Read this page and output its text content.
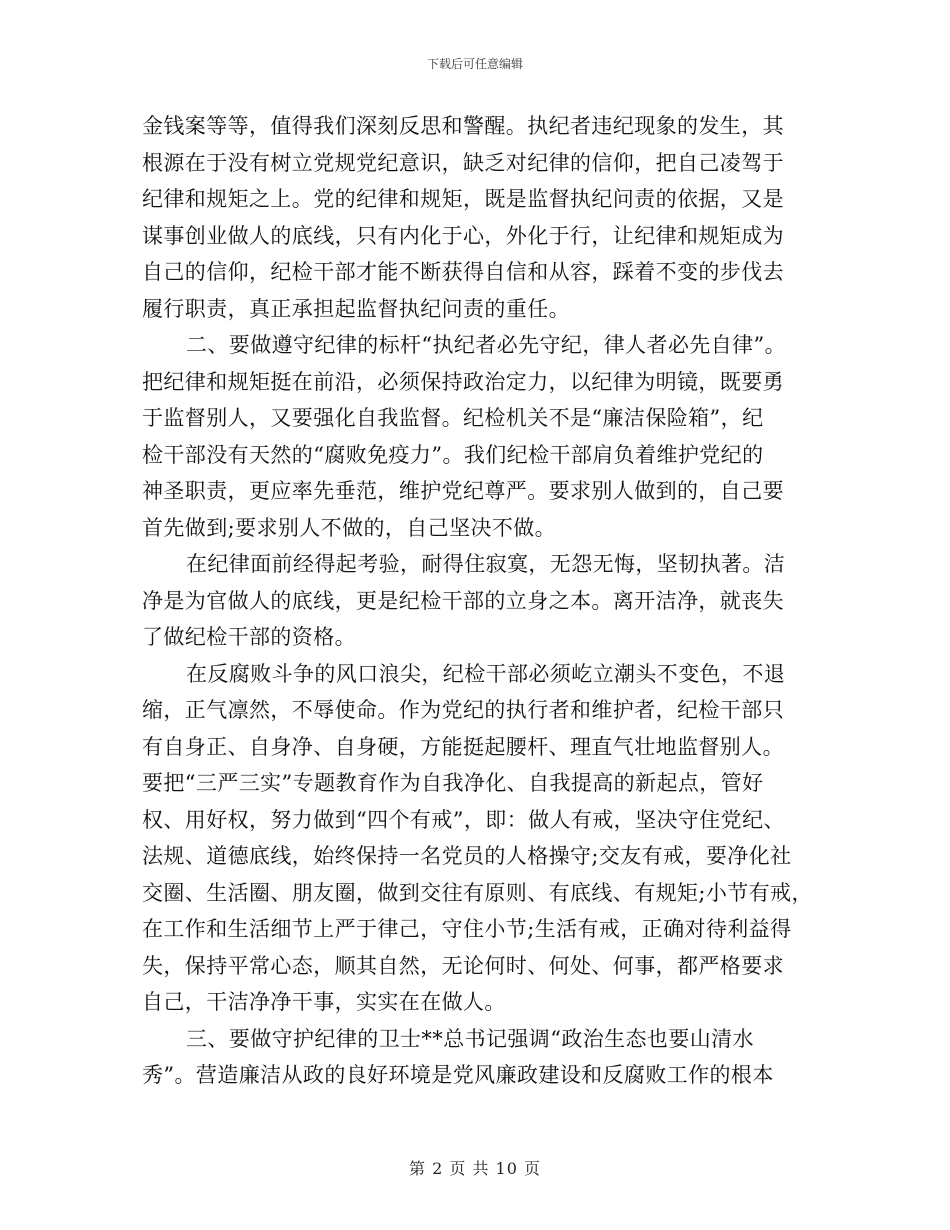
下载后可任意编辑
金钱案等等，值得我们深刻反思和警醒。执纪者违纪现象的发生，其
根源在于没有树立党规党纪意识，缺乏对纪律的信仰，把自己凌驾于
纪律和规矩之上。党的纪律和规矩，既是监督执纪问责的依据，又是
谋事创业做人的底线，只有内化于心，外化于行，让纪律和规矩成为
自己的信仰，纪检干部才能不断获得自信和从容，踩着不变的步伐去
履行职责，真正承担起监督执纪问责的重任。
二、要做遵守纪律的标杆“执纪者必先守纪，律人者必先自律”。
把纪律和规矩挺在前沿，必须保持政治定力，以纪律为明镜，既要勇
于监督别人，又要强化自我监督。纪检机关不是“廉洁保险箱”，纪
检干部没有天然的“腐败免疫力”。我们纪检干部肩负着维护党纪的
神圣职责，更应率先垂范，维护党纪尊严。要求别人做到的，自己要
首先做到;要求别人不做的，自己坚决不做。
在纪律面前经得起考验，耐得住寂寞，无怨无悔，坚韧执著。洁
净是为官做人的底线，更是纪检干部的立身之本。离开洁净，就丧失
了做纪检干部的资格。
在反腐败斗争的风口浪尖，纪检干部必须屹立潮头不变色，不退
缩，正气凛然，不辱使命。作为党纪的执行者和维护者，纪检干部只
有自身正、自身净、自身硬，方能挺起腰杆、理直气壮地监督别人。
要把“三严三实”专题教育作为自我净化、自我提高的新起点，管好
权、用好权，努力做到“四个有戒”，即：做人有戒，坚决守住党纪、
法规、道德底线，始终保持一名党员的人格操守;交友有戒，要净化社
交圈、生活圈、朋友圈，做到交往有原则、有底线、有规矩;小节有戒，
在工作和生活细节上严于律己，守住小节;生活有戒，正确对待利益得
失，保持平常心态，顺其自然，无论何时、何处、何事，都严格要求
自己，干洁净净干事，实实在在做人。
三、要做守护纪律的卫士**总书记强调“政治生态也要山清水
秀”。营造廉洁从政的良好环境是党风廉政建设和反腐败工作的根本
第 2 页 共 10 页
